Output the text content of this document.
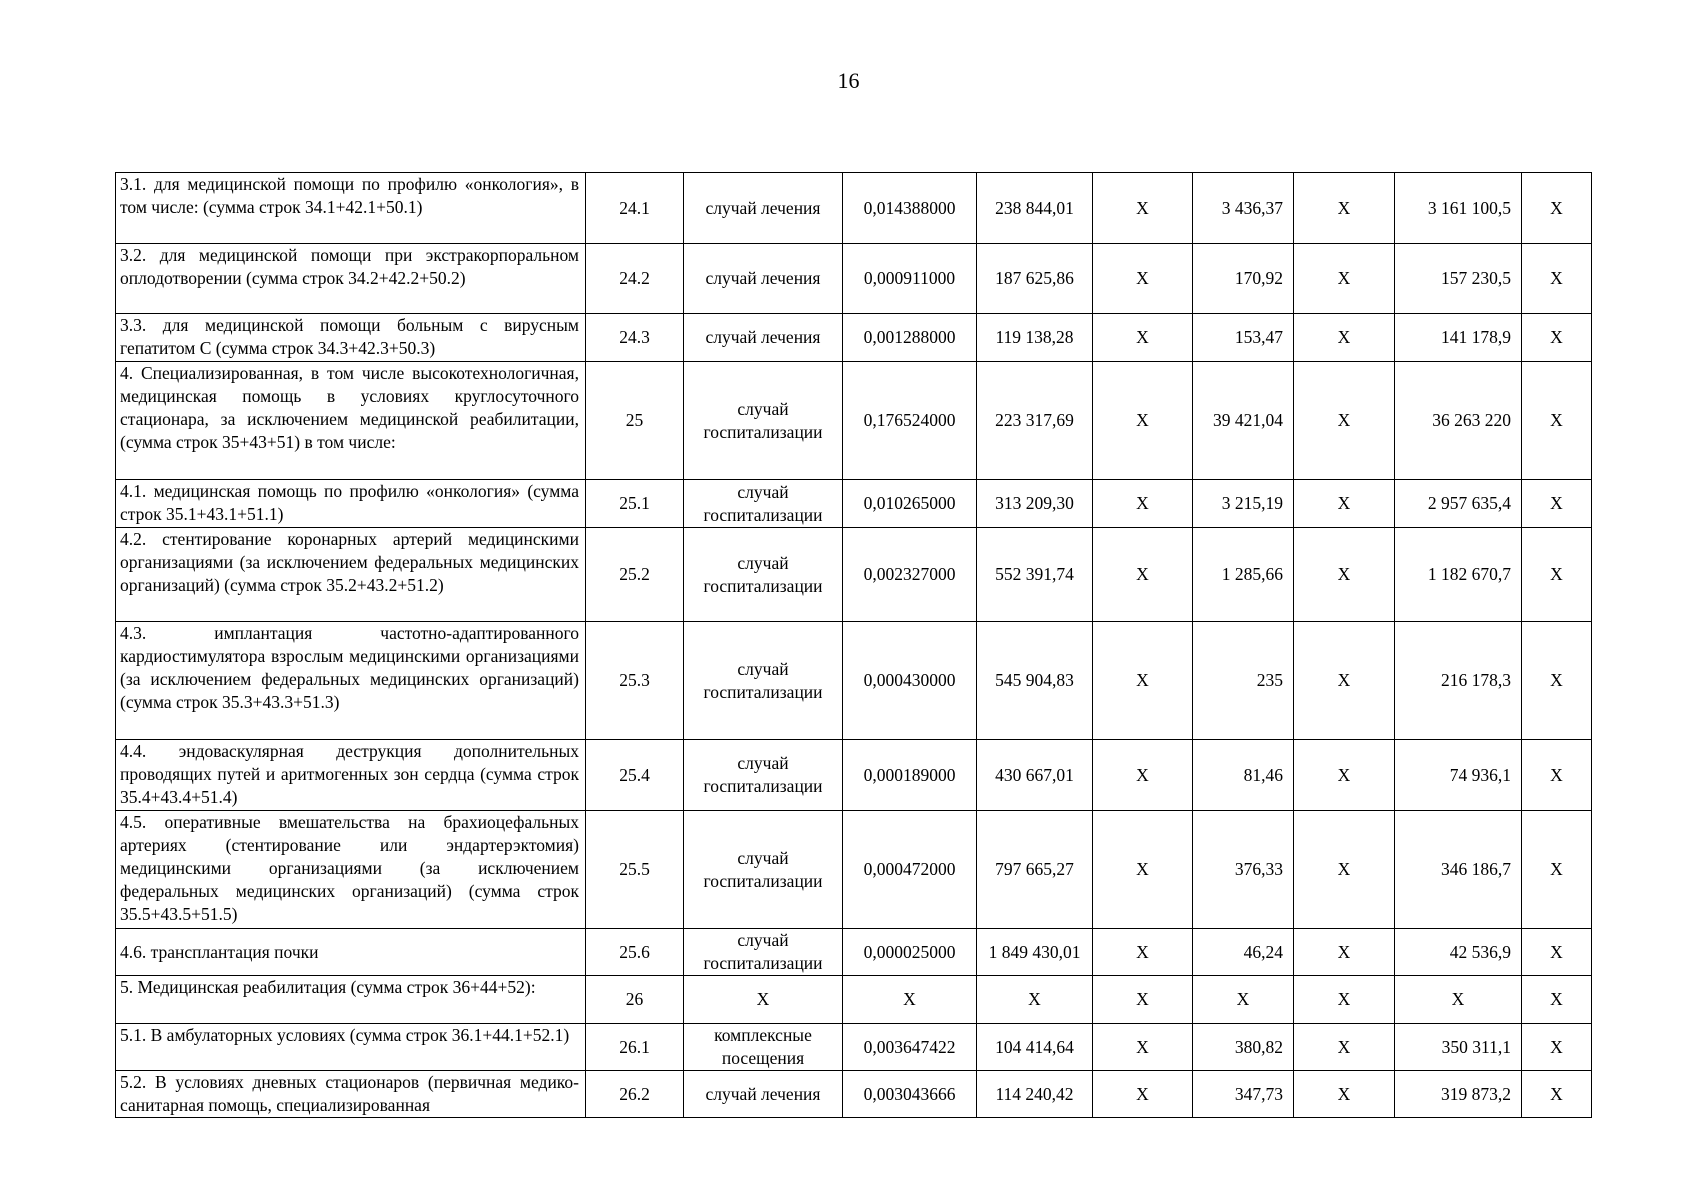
16
3.1. для медицинской помощи по профилю «онкология», в том числе: (сумма строк 34.1+42.1+50.1)	24.1	случай лечения	0,014388000	238 844,01	Х	3 436,37	Х	3 161 100,5	Х
3.2. для медицинской помощи при экстракорпоральном оплодотворении (сумма строк 34.2+42.2+50.2)	24.2	случай лечения	0,000911000	187 625,86	Х	170,92	Х	157 230,5	Х
3.3. для медицинской помощи больным с вирусным гепатитом С (сумма строк 34.3+42.3+50.3)	24.3	случай лечения	0,001288000	119 138,28	Х	153,47	Х	141 178,9	Х
4. Специализированная, в том числе высокотехнологичная, медицинская помощь в условиях круглосуточного стационара, за исключением медицинской реабилитации, (сумма строк 35+43+51) в том числе:	25	случай госпитализации	0,176524000	223 317,69	Х	39 421,04	Х	36 263 220	Х
4.1. медицинская помощь по профилю «онкология» (сумма строк 35.1+43.1+51.1)	25.1	случай госпитализации	0,010265000	313 209,30	Х	3 215,19	Х	2 957 635,4	Х
4.2. стентирование коронарных артерий медицинскими организациями (за исключением федеральных медицинских организаций) (сумма строк 35.2+43.2+51.2)	25.2	случай госпитализации	0,002327000	552 391,74	Х	1 285,66	Х	1 182 670,7	Х
4.3. имплантация частотно-адаптированного кардиостимулятора взрослым медицинскими организациями (за исключением федеральных медицинских организаций) (сумма строк 35.3+43.3+51.3)	25.3	случай госпитализации	0,000430000	545 904,83	Х	235	Х	216 178,3	Х
4.4. эндоваскулярная деструкция дополнительных проводящих путей и аритмогенных зон сердца (сумма строк 35.4+43.4+51.4)	25.4	случай госпитализации	0,000189000	430 667,01	Х	81,46	Х	74 936,1	Х
4.5. оперативные вмешательства на брахиоцефальных артериях (стентирование или эндартерэктомия) медицинскими организациями (за исключением федеральных медицинских организаций) (сумма строк 35.5+43.5+51.5)	25.5	случай госпитализации	0,000472000	797 665,27	Х	376,33	Х	346 186,7	Х
4.6. трансплантация почки	25.6	случай госпитализации	0,000025000	1 849 430,01	Х	46,24	Х	42 536,9	Х
5. Медицинская реабилитация (сумма строк 36+44+52):	26	Х	Х	Х	Х	Х	Х	Х	Х
5.1. В амбулаторных условиях (сумма строк 36.1+44.1+52.1)	26.1	комплексные посещения	0,003647422	104 414,64	Х	380,82	Х	350 311,1	Х
5.2. В условиях дневных стационаров (первичная медико-санитарная помощь, специализированная	26.2	случай лечения	0,003043666	114 240,42	Х	347,73	Х	319 873,2	Х
